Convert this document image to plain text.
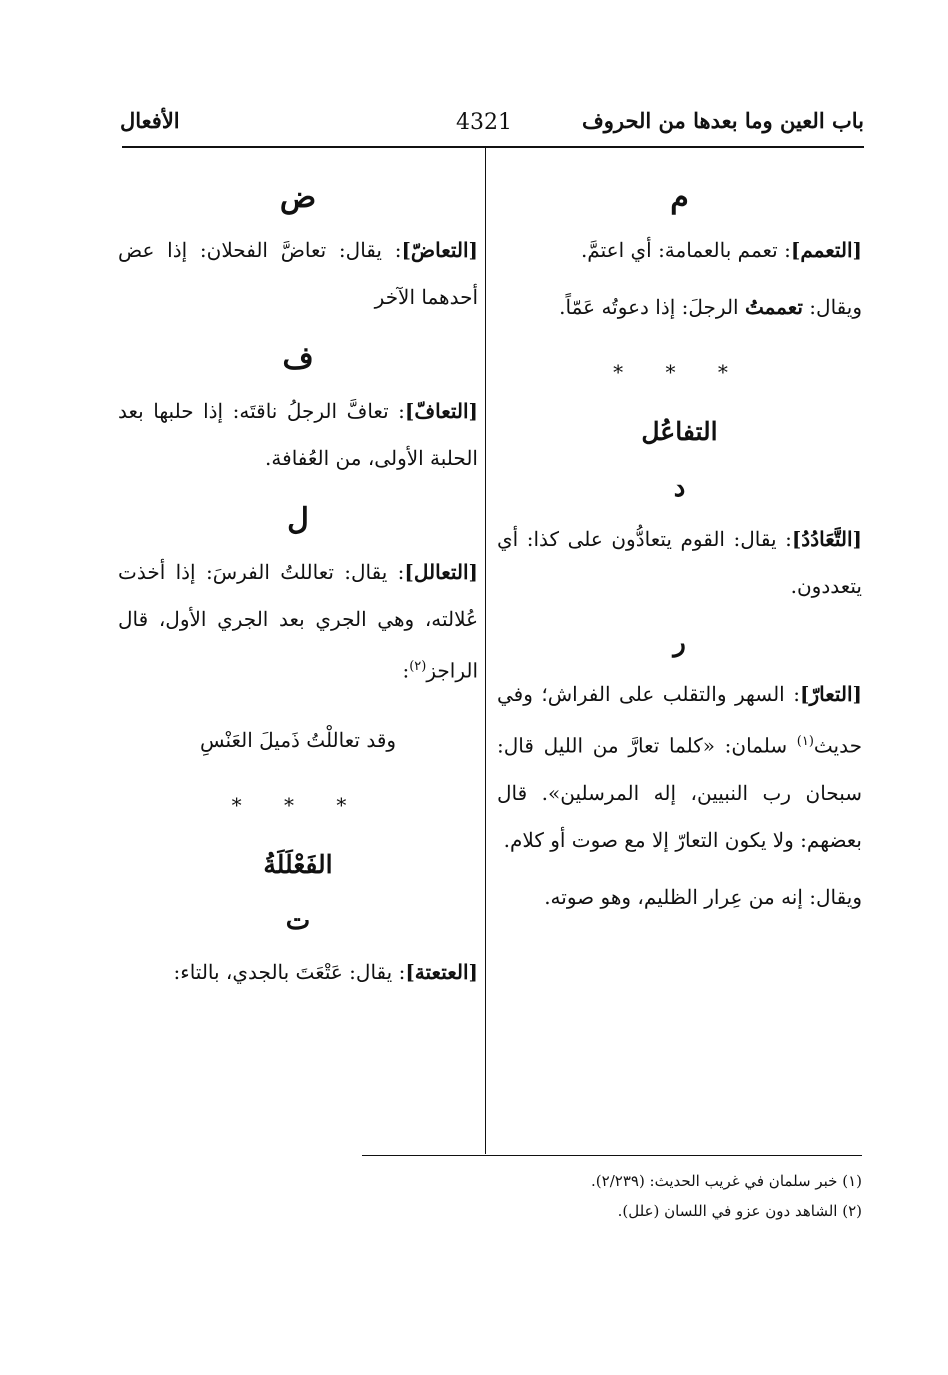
باب العين وما بعدها من الحروف
4321
الأفعال
م

[التعمم]: تعمم بالعمامة: أي اعتمَّ.

ويقال: تعممتُ الرجلَ: إذا دعوتُه عَمّاً.

* * *
التفاعُل
د

[التَّعَادُدُ]: يقال: القوم يتعادُّون على كذا: أي يتعددون.

ر

[التعارّ]: السهر والتقلب على الفراش؛ وفي حديث$^{(١)}$ سلمان: «كلما تعارَّ من الليل قال: سبحان رب النبيين، إله المرسلين». قال بعضهم: ولا يكون التعارّ إلا مع صوت أو كلام.

ويقال: إنه من عِرار الظليم، وهو صوته.

ض

[التعاضّ]: يقال: تعاضَّ الفحلان: إذا عض أحدهما الآخر

ف

[التعافّ]: تعافَّ الرجلُ ناقتَه: إذا حلبها بعد الحلبة الأولى، من العُفافة.

ل

[التعالل]: يقال: تعاللتُ الفرسَ: إذا أخذت عُلالته، وهي الجري بعد الجري الأول، قال الراجز$^{(٢)}$:

وقد تعاللْتُ ذَميلَ العَنْسِ
* * *
الفَعْلَلَةُ
ت

[العتعتة]: يقال: عَتْعَتَ بالجدي، بالتاء:

(١) خبر سلمان في غريب الحديث: (٢/٢٣٩).
(٢) الشاهد دون عزو في اللسان (علل).
